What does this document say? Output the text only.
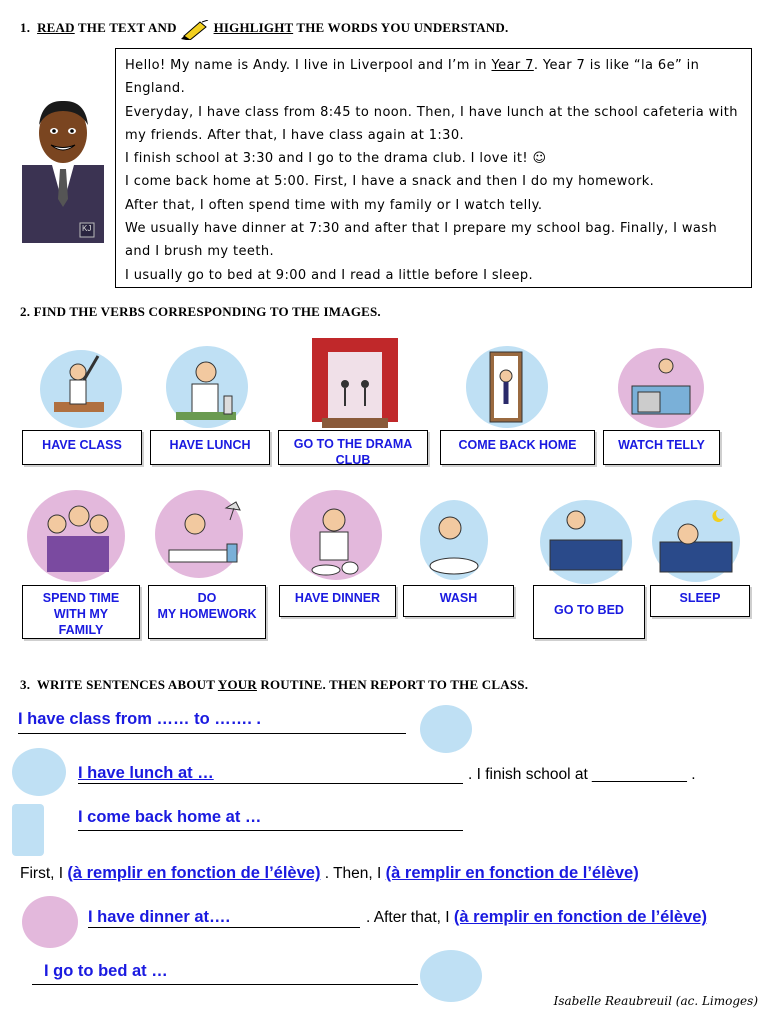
1. READ THE TEXT AND	HIGHLIGHT THE WORDS YOU UNDERSTAND.
KJ

Hello! My name is Andy. I live in Liverpool and I’m in Year 7. Year 7 is like “la 6e” in England.

Everyday, I have class from 8:45 to noon. Then, I have lunch at the school cafeteria with my friends. After that, I have class again at 1:30.

I finish school at 3:30 and I go to the drama club. I love it! ☺

I come back home at 5:00. First, I have a snack and then I do my homework.

After that, I often spend time with my family or I watch telly.

We usually have dinner at 7:30 and after that I prepare my school bag. Finally, I wash and I brush my teeth.

I usually go to bed at 9:00 and I read a little before I sleep.

2. FIND THE VERBS CORRESPONDING TO THE IMAGES.
HAVE CLASS	HAVE LUNCH	GO TO THE DRAMA CLUB
COME BACK HOME	WATCH TELLY
SPEND TIME
WITH MY
FAMILY
DO
MY HOMEWORK
HAVE DINNER	WASH
GO TO BED
SLEEP
3. WRITE SENTENCES ABOUT YOUR ROUTINE. THEN REPORT TO THE CLASS.
I have class from …… to ……. .
I have lunch at …	. I finish school at ___________ .
I come back home at …
First, I (à remplir en fonction de l’élève) . Then, I (à remplir en fonction de l’élève)
I have dinner at….	. After that, I (à remplir en fonction de l’élève)
I go to bed at …
Isabelle Reaubreuil (ac. Limoges)
